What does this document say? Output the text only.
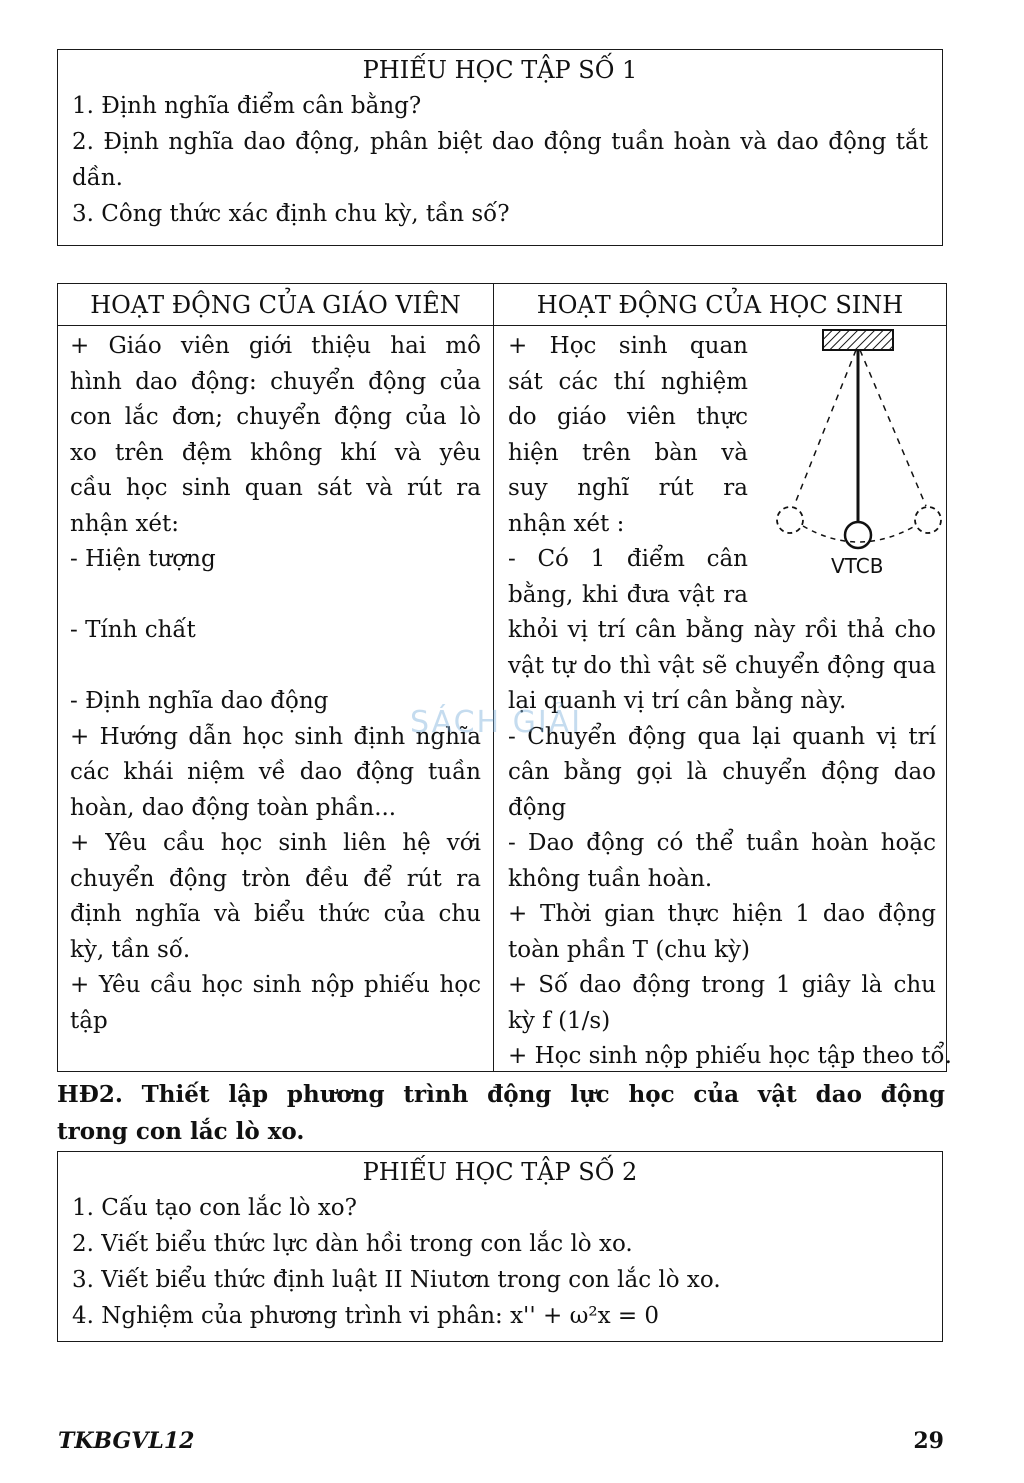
PHIẾU HỌC TẬP SỐ 1

1. Định nghĩa điểm cân bằng?

2. Định nghĩa dao động, phân biệt dao động tuần hoàn và dao động tắt

dần.

3. Công thức xác định chu kỳ, tần số?

HOẠT ĐỘNG CỦA GIÁO VIÊN	HOẠT ĐỘNG CỦA HỌC SINH
+ Giáo viên giới thiệu hai mô
hình dao động: chuyển động của
con lắc đơn; chuyển động của lò
xo trên đệm không khí và yêu
cầu học sinh quan sát và rút ra
nhận xét:
- Hiện tượng

- Tính chất

- Định nghĩa dao động
+ Hướng dẫn học sinh định nghĩa
các khái niệm về dao động tuần
hoàn, dao động toàn phần...
+ Yêu cầu học sinh liên hệ với
chuyển động tròn đều để rút ra
định nghĩa và biểu thức của chu
kỳ, tần số.
+ Yêu cầu học sinh nộp phiếu học
tập
+ Học sinh quan
sát các thí nghiệm
do giáo viên thực
hiện trên bàn và
suy nghĩ rút ra
nhận xét :
- Có 1 điểm cân
bằng, khi đưa vật ra
khỏi vị trí cân bằng này rồi thả cho
vật tự do thì vật sẽ chuyển động qua
lại quanh vị trí cân bằng này.
- Chuyển động qua lại quanh vị trí
cân bằng gọi là chuyển động dao
động
- Dao động có thể tuần hoàn hoặc
không tuần hoàn.
+ Thời gian thực hiện 1 dao động
toàn phần T (chu kỳ)
+ Số dao động trong 1 giây là chu
kỳ f (1/s)
+ Học sinh nộp phiếu học tập theo tổ.
VTCB
SÁCH GIẢI
HĐ2. Thiết lập phương trình động lực học của vật dao động
trong con lắc lò xo.

PHIẾU HỌC TẬP SỐ 2

1. Cấu tạo con lắc lò xo?

2. Viết biểu thức lực dàn hồi trong con lắc lò xo.

3. Viết biểu thức định luật II Niutơn trong con lắc lò xo.

4. Nghiệm của phương trình vi phân: x'' + ω²x = 0

TKBGVL12	29
